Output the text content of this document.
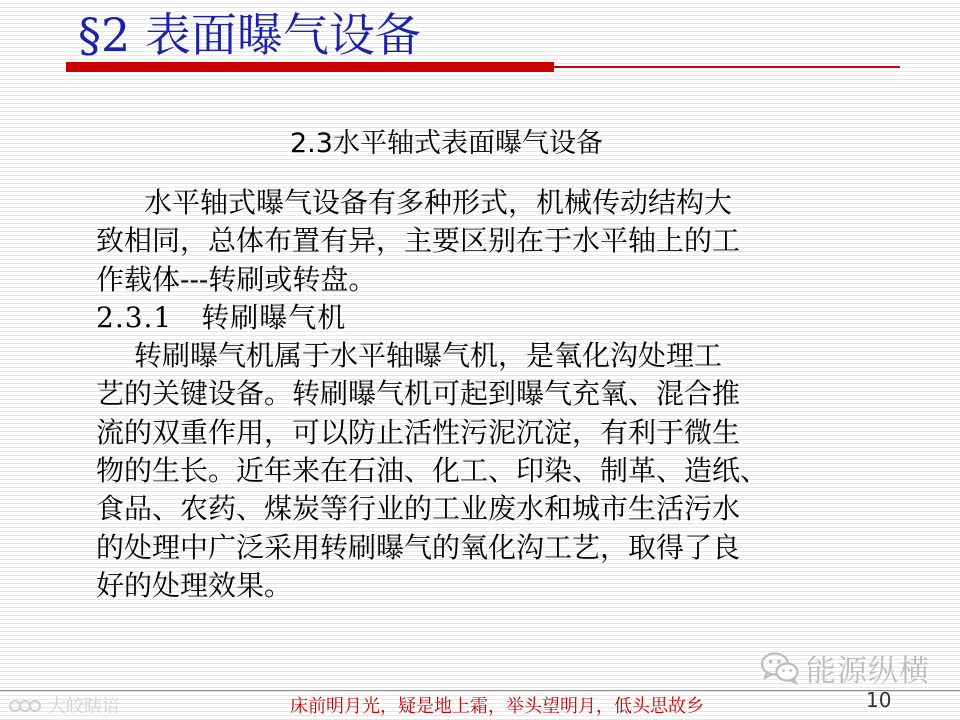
§2 表面曝气设备
2.3水平轴式表面曝气设备
水平轴式曝气设备有多种形式，机械传动结构大
致相同，总体布置有异，主要区别在于水平轴上的工
作载体---转刷或转盘。
2.3.1　转刷曝气机
转刷曝气机属于水平轴曝气机，是氧化沟处理工
艺的关键设备。转刷曝气机可起到曝气充氧、混合推
流的双重作用，可以防止活性污泥沉淀，有利于微生
物的生长。近年来在石油、化工、印染、制革、造纸、
食品、农药、煤炭等行业的工业废水和城市生活污水
的处理中广泛采用转刷曝气的氧化沟工艺，取得了良
好的处理效果。
能源纵横
大皎瞎谙	床前明月光，疑是地上霜，举头望明月，低头思故乡	10
